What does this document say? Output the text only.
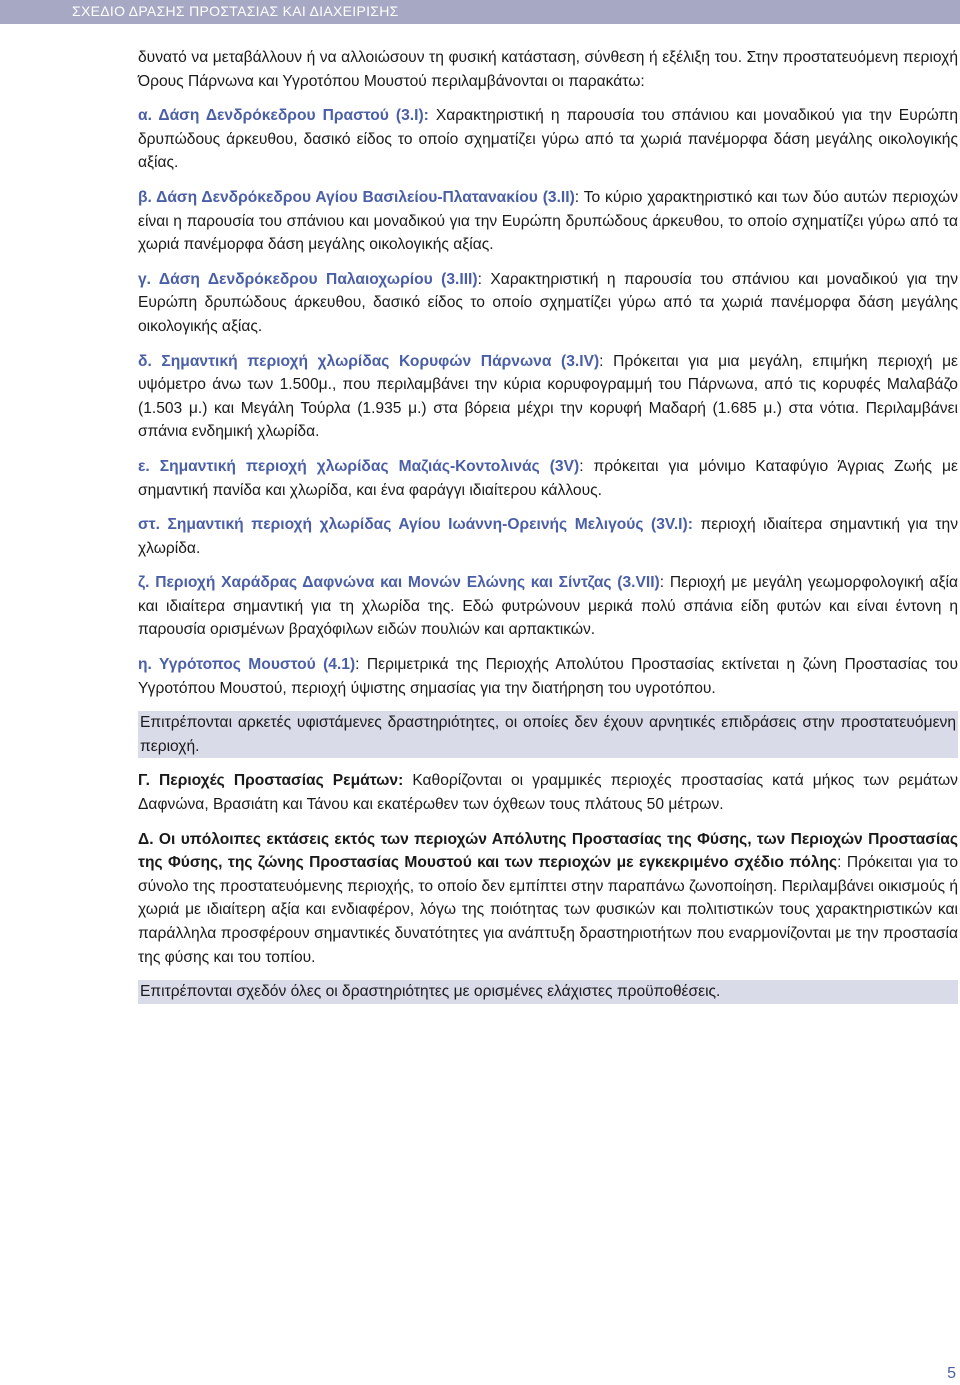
ΣΧΕΔΙΟ ΔΡΑΣΗΣ ΠΡΟΣΤΑΣΙΑΣ ΚΑΙ ΔΙΑΧΕΙΡΙΣΗΣ

δυνατό να μεταβάλλουν ή να αλλοιώσουν τη φυσική κατάσταση, σύνθεση ή εξέλιξη του. Στην προστατευόμενη περιοχή Όρους Πάρνωνα και Υγροτόπου Μουστού περιλαμβάνονται οι παρακάτω:

α. Δάση Δενδρόκεδρου Πραστού (3.Ι): Χαρακτηριστική η παρουσία του σπάνιου και μοναδικού για την Ευρώπη δρυπώδους άρκευθου, δασικό είδος το οποίο σχηματίζει γύρω από τα χωριά πανέμορφα δάση μεγάλης οικολογικής αξίας.

β. Δάση Δενδρόκεδρου Αγίου Βασιλείου-Πλατανακίου (3.ΙΙ): Το κύριο χαρακτηριστικό και των δύο αυτών περιοχών είναι η παρουσία του σπάνιου και μοναδικού για την Ευρώπη δρυπώδους άρκευθου, το οποίο σχηματίζει γύρω από τα χωριά πανέμορφα δάση μεγάλης οικολογικής αξίας.

γ. Δάση Δενδρόκεδρου Παλαιοχωρίου (3.ΙΙΙ): Χαρακτηριστική η παρουσία του σπάνιου και μοναδικού για την Ευρώπη δρυπώδους άρκευθου, δασικό είδος το οποίο σχηματίζει γύρω από τα χωριά πανέμορφα δάση μεγάλης οικολογικής αξίας.

δ. Σημαντική περιοχή χλωρίδας Κορυφών Πάρνωνα (3.ΙV): Πρόκειται για μια μεγάλη, επιμήκη περιοχή με υψόμετρο άνω των 1.500μ., που περιλαμβάνει την κύρια κορυφογραμμή του Πάρνωνα, από τις κορυφές Μαλαβάζο (1.503 μ.) και Μεγάλη Τούρλα (1.935 μ.) στα βόρεια μέχρι την κορυφή Μαδαρή (1.685 μ.) στα νότια. Περιλαμβάνει σπάνια ενδημική χλωρίδα.

ε. Σημαντική περιοχή χλωρίδας Μαζιάς-Κοντολινάς (3V): πρόκειται για μόνιμο Καταφύγιο Άγριας Ζωής με σημαντική πανίδα και χλωρίδα, και ένα φαράγγι ιδιαίτερου κάλλους.

στ. Σημαντική περιοχή χλωρίδας Αγίου Ιωάννη-Ορεινής Μελιγούς (3V.Ι): περιοχή ιδιαίτερα σημαντική για την χλωρίδα.

ζ. Περιοχή Χαράδρας Δαφνώνα και Μονών Ελώνης και Σίντζας (3.VΙΙ): Περιοχή με μεγάλη γεωμορφολογική αξία και ιδιαίτερα σημαντική για τη χλωρίδα της. Εδώ φυτρώνουν μερικά πολύ σπάνια είδη φυτών και είναι έντονη η παρουσία ορισμένων βραχόφιλων ειδών πουλιών και αρπακτικών.

η. Υγρότοπος Μουστού (4.1): Περιμετρικά της Περιοχής Απολύτου Προστασίας εκτίνεται η ζώνη Προστασίας του Υγροτόπου Μουστού, περιοχή ύψιστης σημασίας για την διατήρηση του υγροτόπου.

Επιτρέπονται αρκετές υφιστάμενες δραστηριότητες, οι οποίες δεν έχουν αρνητικές επιδράσεις στην προστατευόμενη περιοχή.

Γ. Περιοχές Προστασίας Ρεμάτων: Καθορίζονται οι γραμμικές περιοχές προστασίας κατά μήκος των ρεμάτων Δαφνώνα, Βρασιάτη και Τάνου και εκατέρωθεν των όχθεων τους πλάτους 50 μέτρων.

Δ. Οι υπόλοιπες εκτάσεις εκτός των περιοχών Απόλυτης Προστασίας της Φύσης, των Περιοχών Προστασίας της Φύσης, της ζώνης Προστασίας Μουστού και των περιοχών με εγκεκριμένο σχέδιο πόλης: Πρόκειται για το σύνολο της προστατευόμενης περιοχής, το οποίο δεν εμπίπτει στην παραπάνω ζωνοποίηση. Περιλαμβάνει οικισμούς ή χωριά με ιδιαίτερη αξία και ενδιαφέρον, λόγω της ποιότητας των φυσικών και πολιτιστικών τους χαρακτηριστικών και παράλληλα προσφέρουν σημαντικές δυνατότητες για ανάπτυξη δραστηριοτήτων που εναρμονίζονται με την προστασία της φύσης και του τοπίου.

Επιτρέπονται σχεδόν όλες οι δραστηριότητες με ορισμένες ελάχιστες προϋποθέσεις.

5
